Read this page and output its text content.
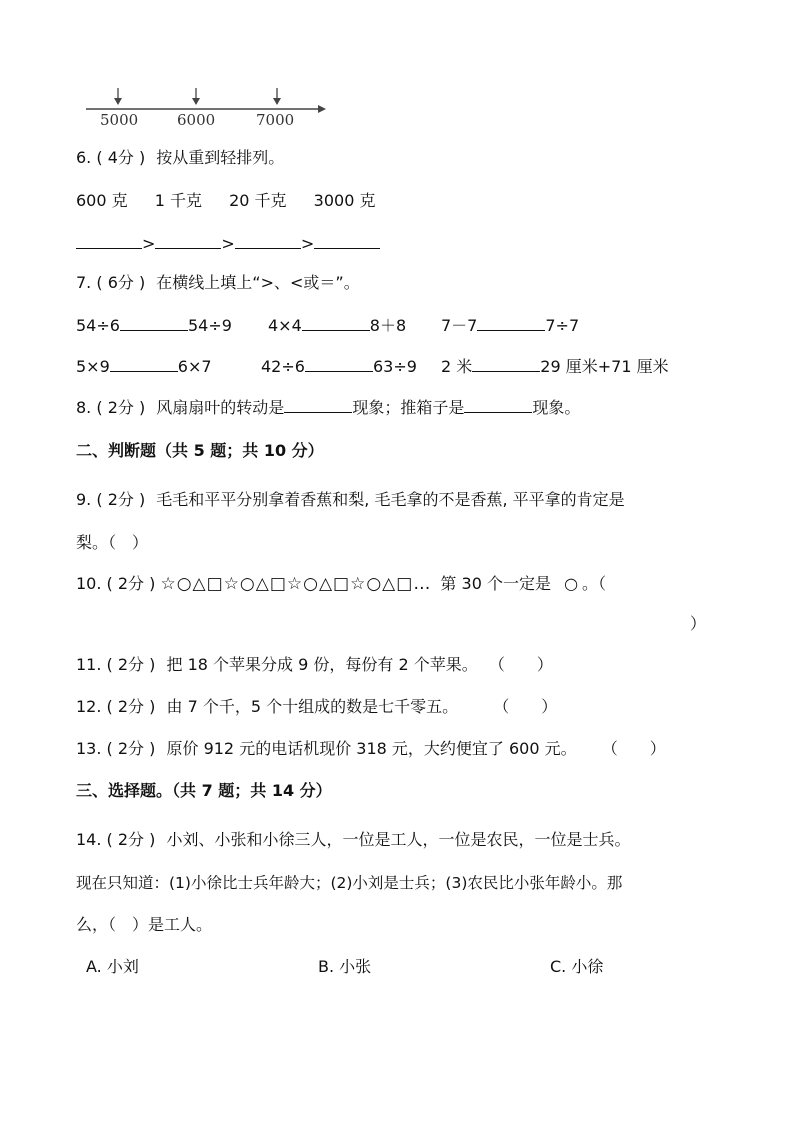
5000	6000	7000
6. ( 4分 ) 按从重到轻排列。
600 克 1 千克 20 千克 3000 克
>	>	>
7. ( 6分 ) 在横线上填上“>、<或＝”。
54÷6	54÷9 4×4	8＋8 7－7	7÷7
5×9	6×7	42÷6	63÷9 2 米	29 厘米+71 厘米
8. ( 2分 ) 风扇扇叶的转动是	现象；推箱子是	现象。
二、判断题（共 5 题；共 10 分）
9. ( 2分 ) 毛毛和平平分别拿着香蕉和梨, 毛毛拿的不是香蕉, 平平拿的肯定是
梨。（　）
10. ( 2分 ) ☆○△□☆○△□☆○△□☆○△□… 第 30 个一定是 ○ 。（
）
11. ( 2分 ) 把 18 个苹果分成 9 份，每份有 2 个苹果。 （　　）
12. ( 2分 ) 由 7 个千，5 个十组成的数是七千零五。 （　　）
13. ( 2分 ) 原价 912 元的电话机现价 318 元，大约便宜了 600 元。 （　　）
三、选择题。（共 7 题；共 14 分）
14. ( 2分 ) 小刘、小张和小徐三人，一位是工人，一位是农民，一位是士兵。
现在只知道：(1)小徐比士兵年龄大；(2)小刘是士兵；(3)农民比小张年龄小。那
么，（　）是工人。
A. 小刘	B. 小张	C. 小徐
